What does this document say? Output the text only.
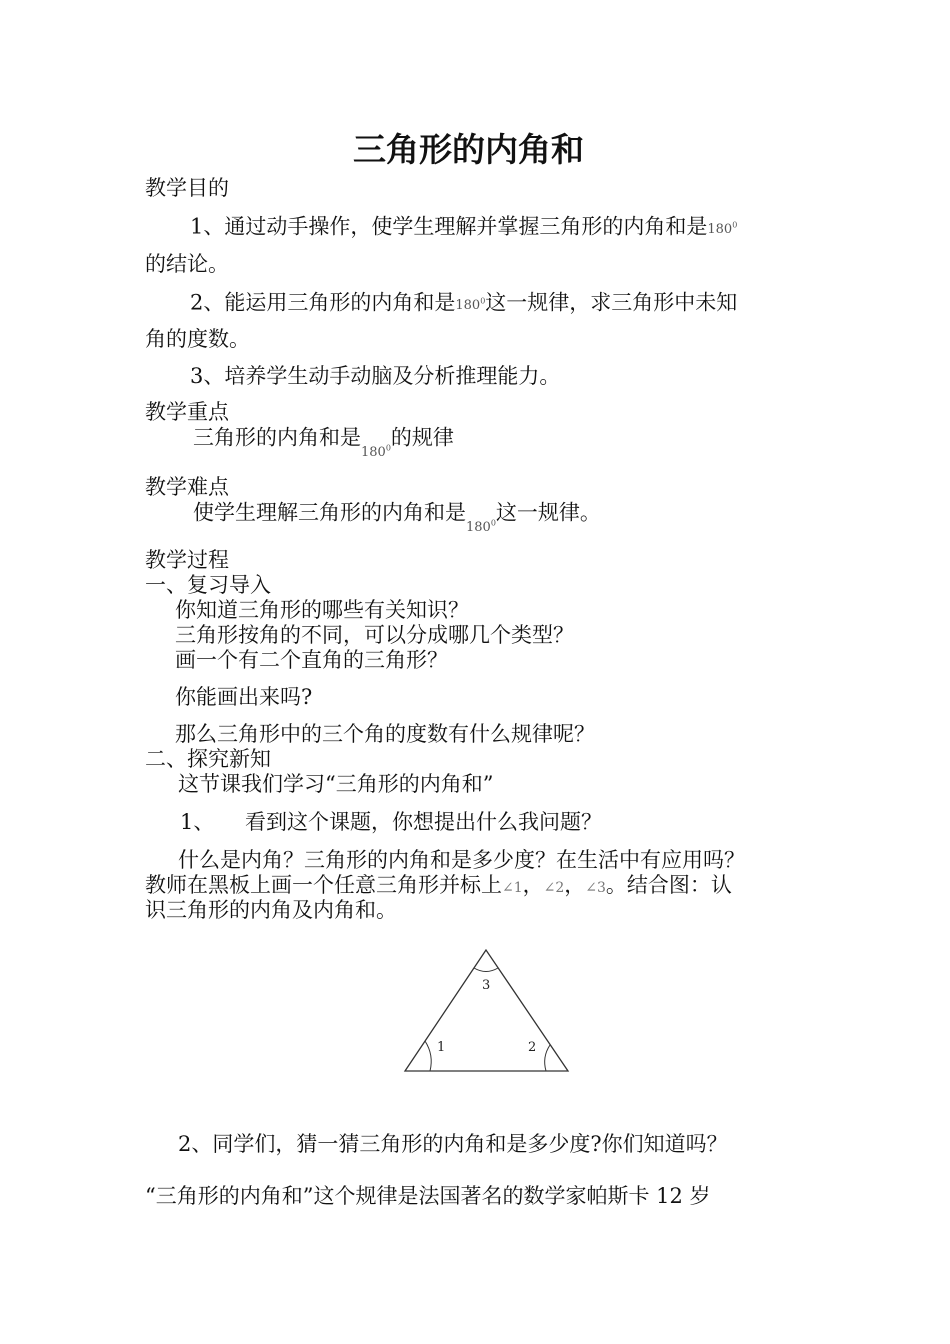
三角形的内角和
教学目的
1、通过动手操作，使学生理解并掌握三角形的内角和是$180^0$
的结论。
2、能运用三角形的内角和是$180^0$这一规律，求三角形中未知
角的度数。
3、培养学生动手动脑及分析推理能力。
教学重点
三角形的内角和是$_{180^0}$的规律
教学难点
使学生理解三角形的内角和是$_{180^0}$这一规律。
教学过程
一、复习导入
你知道三角形的哪些有关知识？
三角形按角的不同，可以分成哪几个类型？
画一个有二个直角的三角形？
你能画出来吗?
那么三角形中的三个角的度数有什么规律呢？
二、探究新知
这节课我们学习“三角形的内角和”
1、 看到这个课题，你想提出什么我问题？
什么是内角？三角形的内角和是多少度？在生活中有应用吗？
教师在黑板上画一个任意三角形并标上∠1，∠2，∠3。结合图：认
识三角形的内角及内角和。
3
1	2
2、同学们，猜一猜三角形的内角和是多少度?你们知道吗？
“三角形的内角和”这个规律是法国著名的数学家帕斯卡 12 岁
